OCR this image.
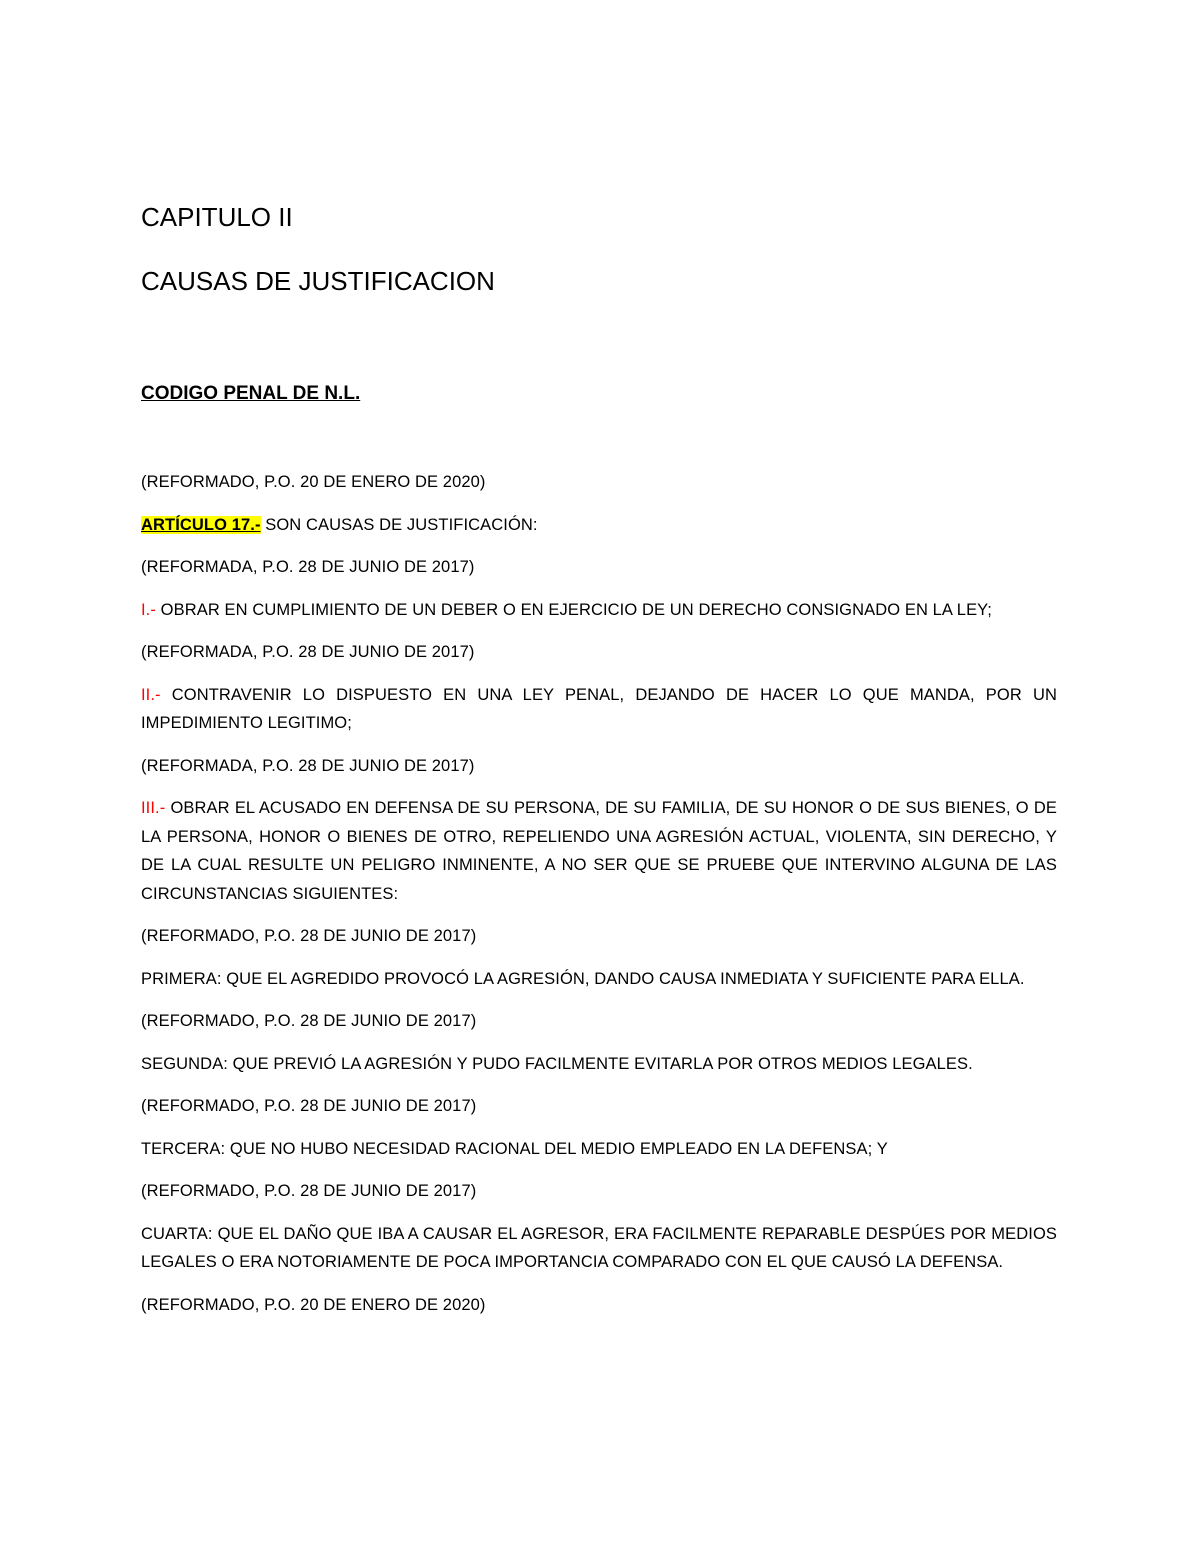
CAPITULO II
CAUSAS DE JUSTIFICACION

CODIGO PENAL DE N.L.

(REFORMADO, P.O. 20 DE ENERO DE 2020)

ARTÍCULO 17.- SON CAUSAS DE JUSTIFICACIÓN:

(REFORMADA, P.O. 28 DE JUNIO DE 2017)

I.- OBRAR EN CUMPLIMIENTO DE UN DEBER O EN EJERCICIO DE UN DERECHO CONSIGNADO EN LA LEY;

(REFORMADA, P.O. 28 DE JUNIO DE 2017)

II.- CONTRAVENIR LO DISPUESTO EN UNA LEY PENAL, DEJANDO DE HACER LO QUE MANDA, POR UN IMPEDIMIENTO LEGITIMO;

(REFORMADA, P.O. 28 DE JUNIO DE 2017)

III.- OBRAR EL ACUSADO EN DEFENSA DE SU PERSONA, DE SU FAMILIA, DE SU HONOR O DE SUS BIENES, O DE LA PERSONA, HONOR O BIENES DE OTRO, REPELIENDO UNA AGRESIÓN ACTUAL, VIOLENTA, SIN DERECHO, Y DE LA CUAL RESULTE UN PELIGRO INMINENTE, A NO SER QUE SE PRUEBE QUE INTERVINO ALGUNA DE LAS CIRCUNSTANCIAS SIGUIENTES:

(REFORMADO, P.O. 28 DE JUNIO DE 2017)

PRIMERA: QUE EL AGREDIDO PROVOCÓ LA AGRESIÓN, DANDO CAUSA INMEDIATA Y SUFICIENTE PARA ELLA.

(REFORMADO, P.O. 28 DE JUNIO DE 2017)

SEGUNDA: QUE PREVIÓ LA AGRESIÓN Y PUDO FACILMENTE EVITARLA POR OTROS MEDIOS LEGALES.

(REFORMADO, P.O. 28 DE JUNIO DE 2017)

TERCERA: QUE NO HUBO NECESIDAD RACIONAL DEL MEDIO EMPLEADO EN LA DEFENSA; Y

(REFORMADO, P.O. 28 DE JUNIO DE 2017)

CUARTA: QUE EL DAÑO QUE IBA A CAUSAR EL AGRESOR, ERA FACILMENTE REPARABLE DESPÚES POR MEDIOS LEGALES O ERA NOTORIAMENTE DE POCA IMPORTANCIA COMPARADO CON EL QUE CAUSÓ LA DEFENSA.

(REFORMADO, P.O. 20 DE ENERO DE 2020)
